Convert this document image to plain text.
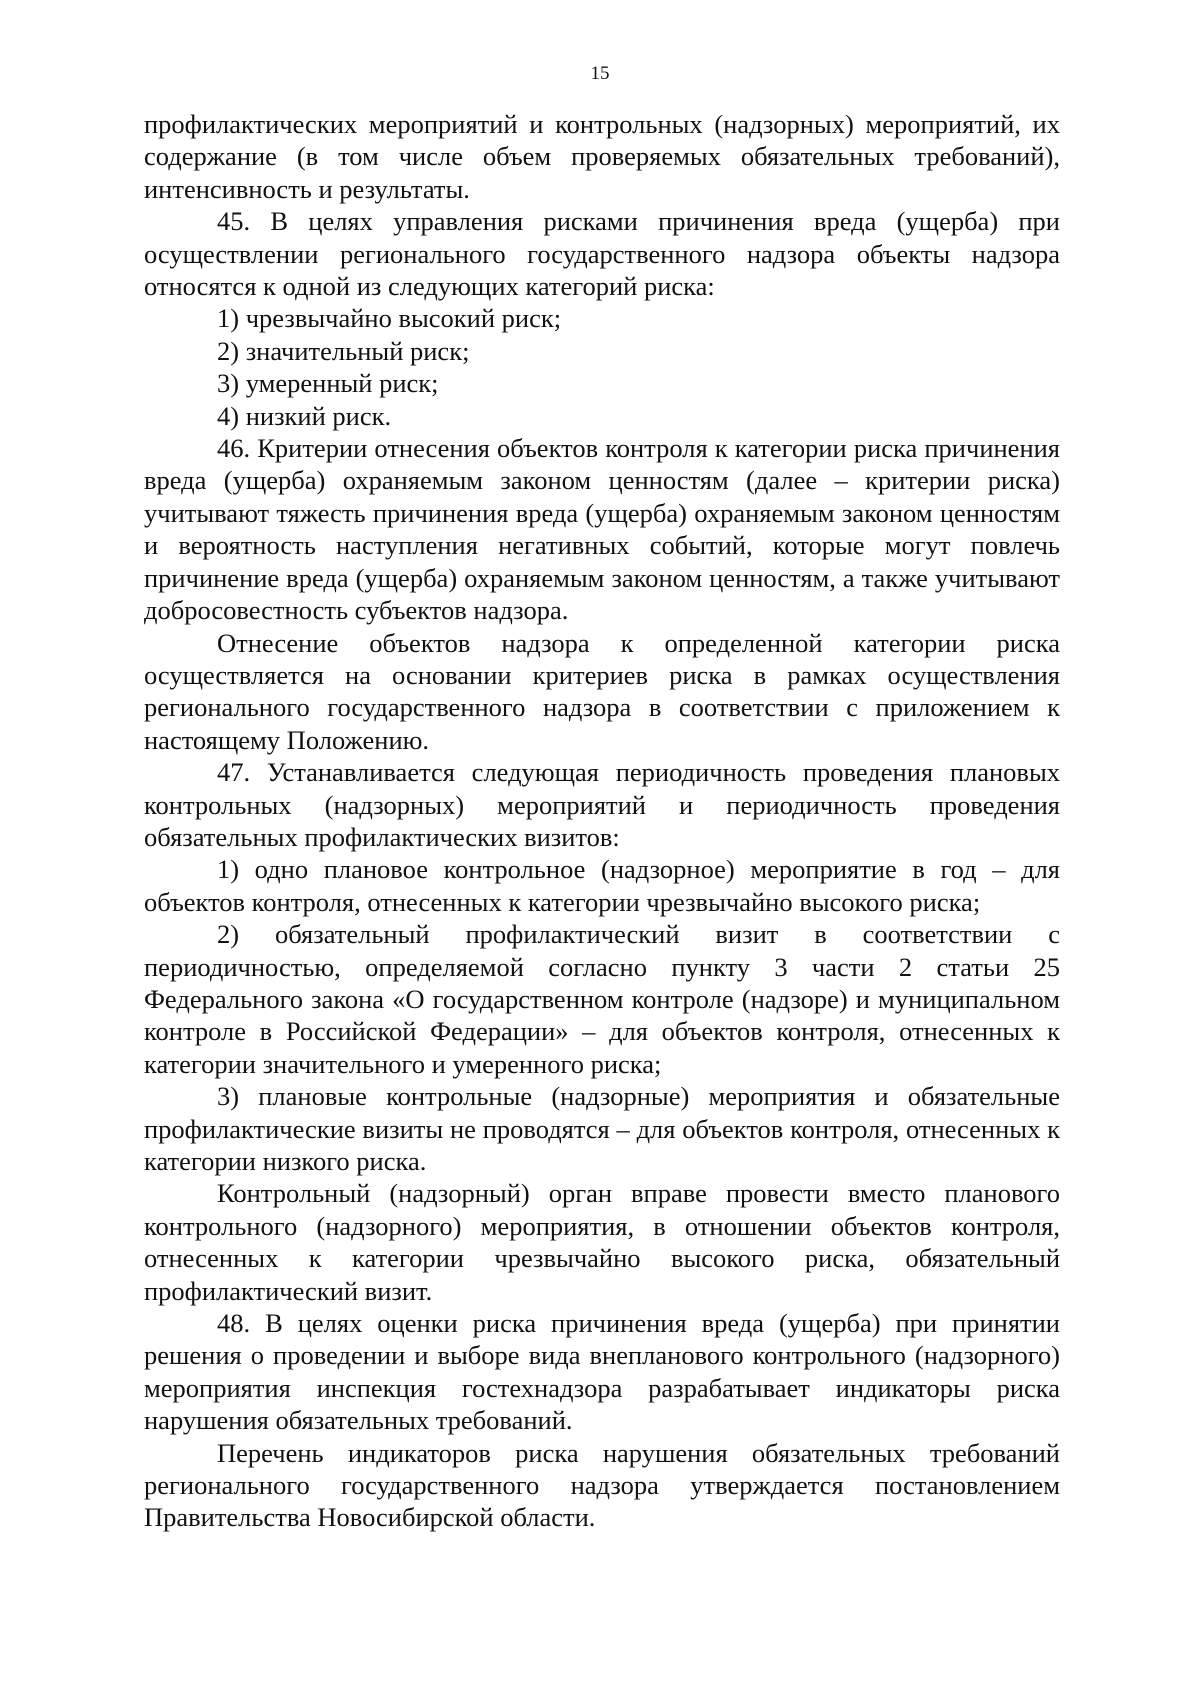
15

профилактических мероприятий и контрольных (надзорных) мероприятий, их содержание (в том числе объем проверяемых обязательных требований), интенсивность и результаты.

45. В целях управления рисками причинения вреда (ущерба) при осуществлении регионального государственного надзора объекты надзора относятся к одной из следующих категорий риска:

1) чрезвычайно высокий риск;

2) значительный риск;

3) умеренный риск;

4) низкий риск.

46. Критерии отнесения объектов контроля к категории риска причинения вреда (ущерба) охраняемым законом ценностям (далее – критерии риска) учитывают тяжесть причинения вреда (ущерба) охраняемым законом ценностям и вероятность наступления негативных событий, которые могут повлечь причинение вреда (ущерба) охраняемым законом ценностям, а также учитывают добросовестность субъектов надзора.

Отнесение объектов надзора к определенной категории риска осуществляется на основании критериев риска в рамках осуществления регионального государственного надзора в соответствии с приложением к настоящему Положению.

47. Устанавливается следующая периодичность проведения плановых контрольных (надзорных) мероприятий и периодичность проведения обязательных профилактических визитов:

1) одно плановое контрольное (надзорное) мероприятие в год – для объектов контроля, отнесенных к категории чрезвычайно высокого риска;

2) обязательный профилактический визит в соответствии с периодичностью, определяемой согласно пункту 3 части 2 статьи 25 Федерального закона «О государственном контроле (надзоре) и муниципальном контроле в Российской Федерации» – для объектов контроля, отнесенных к категории значительного и умеренного риска;

3) плановые контрольные (надзорные) мероприятия и обязательные профилактические визиты не проводятся – для объектов контроля, отнесенных к категории низкого риска.

Контрольный (надзорный) орган вправе провести вместо планового контрольного (надзорного) мероприятия, в отношении объектов контроля, отнесенных к категории чрезвычайно высокого риска, обязательный профилактический визит.

48. В целях оценки риска причинения вреда (ущерба) при принятии решения о проведении и выборе вида внепланового контрольного (надзорного) мероприятия инспекция гостехнадзора разрабатывает индикаторы риска нарушения обязательных требований.

Перечень индикаторов риска нарушения обязательных требований регионального государственного надзора утверждается постановлением Правительства Новосибирской области.
